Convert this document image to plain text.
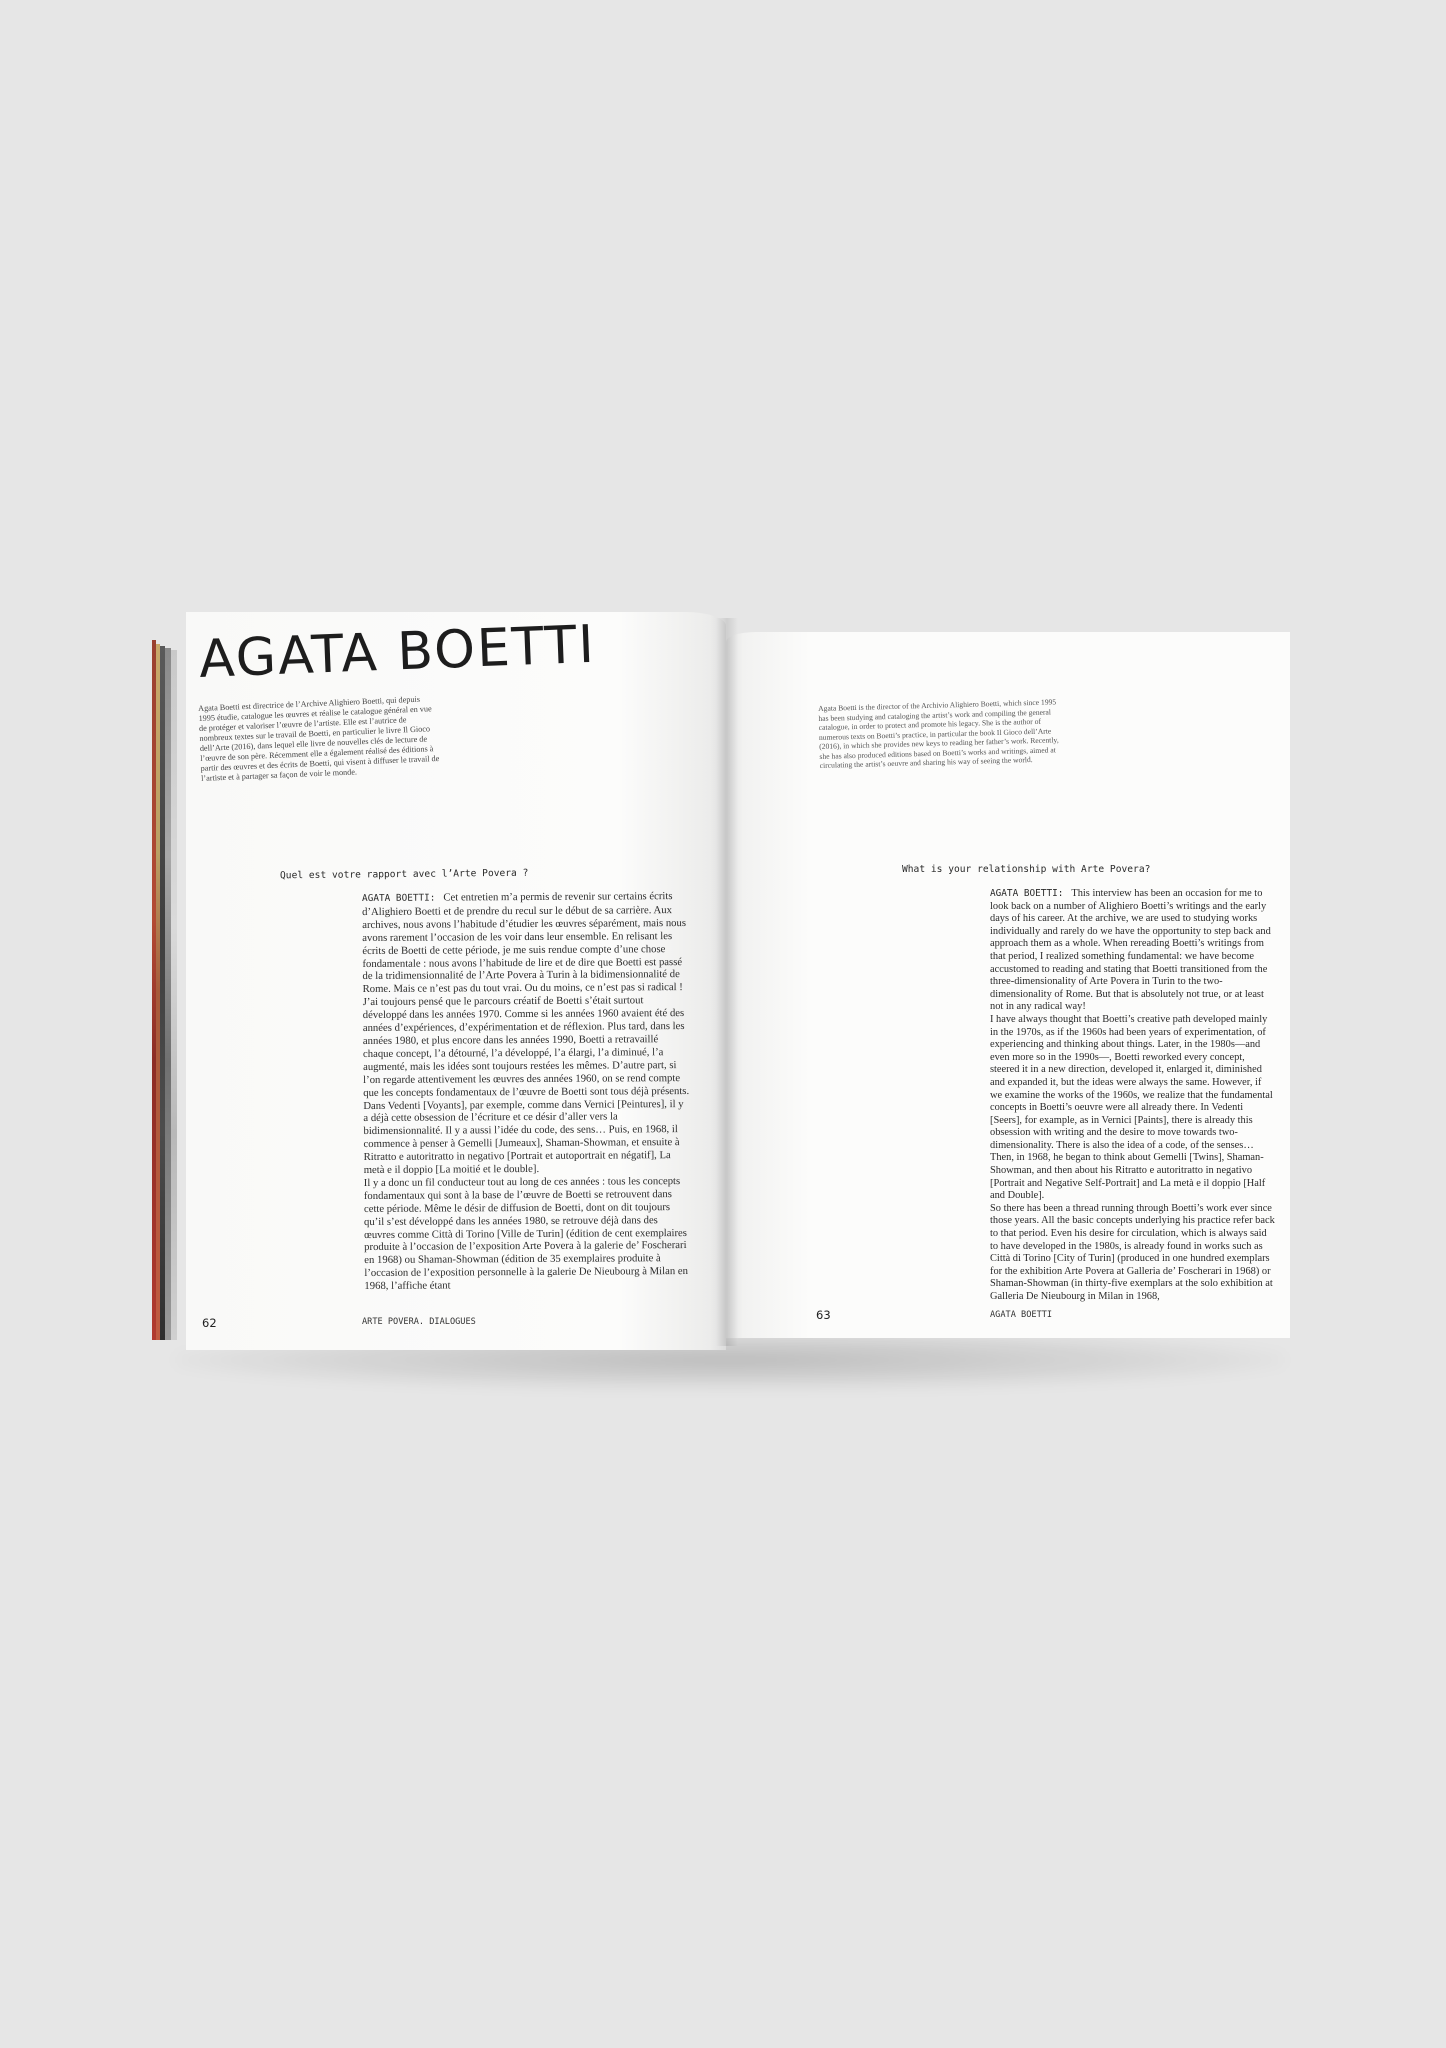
AGATA BOETTI
Agata Boetti est directrice de l’Archive Alighiero Boetti, qui depuis 1995 étudie, catalogue les œuvres et réalise le catalogue général en vue de protéger et valoriser l’œuvre de l’artiste. Elle est l’autrice de nombreux textes sur le travail de Boetti, en particulier le livre Il Gioco dell’Arte (2016), dans lequel elle livre de nouvelles clés de lecture de l’œuvre de son père. Récemment elle a également réalisé des éditions à partir des œuvres et des écrits de Boetti, qui visent à diffuser le travail de l’artiste et à partager sa façon de voir le monde.
Quel est votre rapport avec l’Arte Povera ?

AGATA BOETTI: Cet entretien m’a permis de revenir sur certains écrits d’Alighiero Boetti et de prendre du recul sur le début de sa carrière. Aux archives, nous avons l’habitude d’étudier les œuvres séparément, mais nous avons rarement l’occasion de les voir dans leur ensemble. En relisant les écrits de Boetti de cette période, je me suis rendue compte d’une chose fondamentale : nous avons l’habitude de lire et de dire que Boetti est passé de la tridimensionnalité de l’Arte Povera à Turin à la bidimensionnalité de Rome. Mais ce n’est pas du tout vrai. Ou du moins, ce n’est pas si radical !

J’ai toujours pensé que le parcours créatif de Boetti s’était surtout développé dans les années 1970. Comme si les années 1960 avaient été des années d’expériences, d’expérimentation et de réflexion. Plus tard, dans les années 1980, et plus encore dans les années 1990, Boetti a retravaillé chaque concept, l’a détourné, l’a développé, l’a élargi, l’a diminué, l’a augmenté, mais les idées sont toujours restées les mêmes. D’autre part, si l’on regarde attentivement les œuvres des années 1960, on se rend compte que les concepts fondamentaux de l’œuvre de Boetti sont tous déjà présents. Dans Vedenti [Voyants], par exemple, comme dans Vernici [Peintures], il y a déjà cette obsession de l’écriture et ce désir d’aller vers la bidimensionnalité. Il y a aussi l’idée du code, des sens… Puis, en 1968, il commence à penser à Gemelli [Jumeaux], Shaman-Showman, et ensuite à Ritratto e autoritratto in negativo [Portrait et autoportrait en négatif], La metà e il doppio [La moitié et le double].

Il y a donc un fil conducteur tout au long de ces années : tous les concepts fondamentaux qui sont à la base de l’œuvre de Boetti se retrouvent dans cette période. Même le désir de diffusion de Boetti, dont on dit toujours qu’il s’est développé dans les années 1980, se retrouve déjà dans des œuvres comme Città di Torino [Ville de Turin] (édition de cent exemplaires produite à l’occasion de l’exposition Arte Povera à la galerie de’ Foscherari en 1968) ou Shaman-Showman (édition de 35 exemplaires produite à l’occasion de l’exposition personnelle à la galerie De Nieubourg à Milan en 1968, l’affiche étant

62	ARTE POVERA. DIALOGUES
Agata Boetti is the director of the Archivio Alighiero Boetti, which since 1995 has been studying and cataloging the artist’s work and compiling the general catalogue, in order to protect and promote his legacy. She is the author of numerous texts on Boetti’s practice, in particular the book Il Gioco dell’Arte (2016), in which she provides new keys to reading her father’s work. Recently, she has also produced editions based on Boetti’s works and writings, aimed at circulating the artist’s oeuvre and sharing his way of seeing the world.
What is your relationship with Arte Povera?

AGATA BOETTI: This interview has been an occasion for me to look back on a number of Alighiero Boetti’s writings and the early days of his career. At the archive, we are used to studying works individually and rarely do we have the opportunity to step back and approach them as a whole. When rereading Boetti’s writings from that period, I realized something fundamental: we have become accustomed to reading and stating that Boetti transitioned from the three-dimensionality of Arte Povera in Turin to the two-dimensionality of Rome. But that is absolutely not true, or at least not in any radical way!

I have always thought that Boetti’s creative path developed mainly in the 1970s, as if the 1960s had been years of experimentation, of experiencing and thinking about things. Later, in the 1980s—and even more so in the 1990s—, Boetti reworked every concept, steered it in a new direction, developed it, enlarged it, diminished and expanded it, but the ideas were always the same. However, if we examine the works of the 1960s, we realize that the fundamental concepts in Boetti’s oeuvre were all already there. In Vedenti [Seers], for example, as in Vernici [Paints], there is already this obsession with writing and the desire to move towards two-dimensionality. There is also the idea of a code, of the senses… Then, in 1968, he began to think about Gemelli [Twins], Shaman-Showman, and then about his Ritratto e autoritratto in negativo [Portrait and Negative Self-Portrait] and La metà e il doppio [Half and Double].

So there has been a thread running through Boetti’s work ever since those years. All the basic concepts underlying his practice refer back to that period. Even his desire for circulation, which is always said to have developed in the 1980s, is already found in works such as Città di Torino [City of Turin] (produced in one hundred exemplars for the exhibition Arte Povera at Galleria de’ Foscherari in 1968) or Shaman-Showman (in thirty-five exemplars at the solo exhibition at Galleria De Nieubourg in Milan in 1968,

63	AGATA BOETTI
